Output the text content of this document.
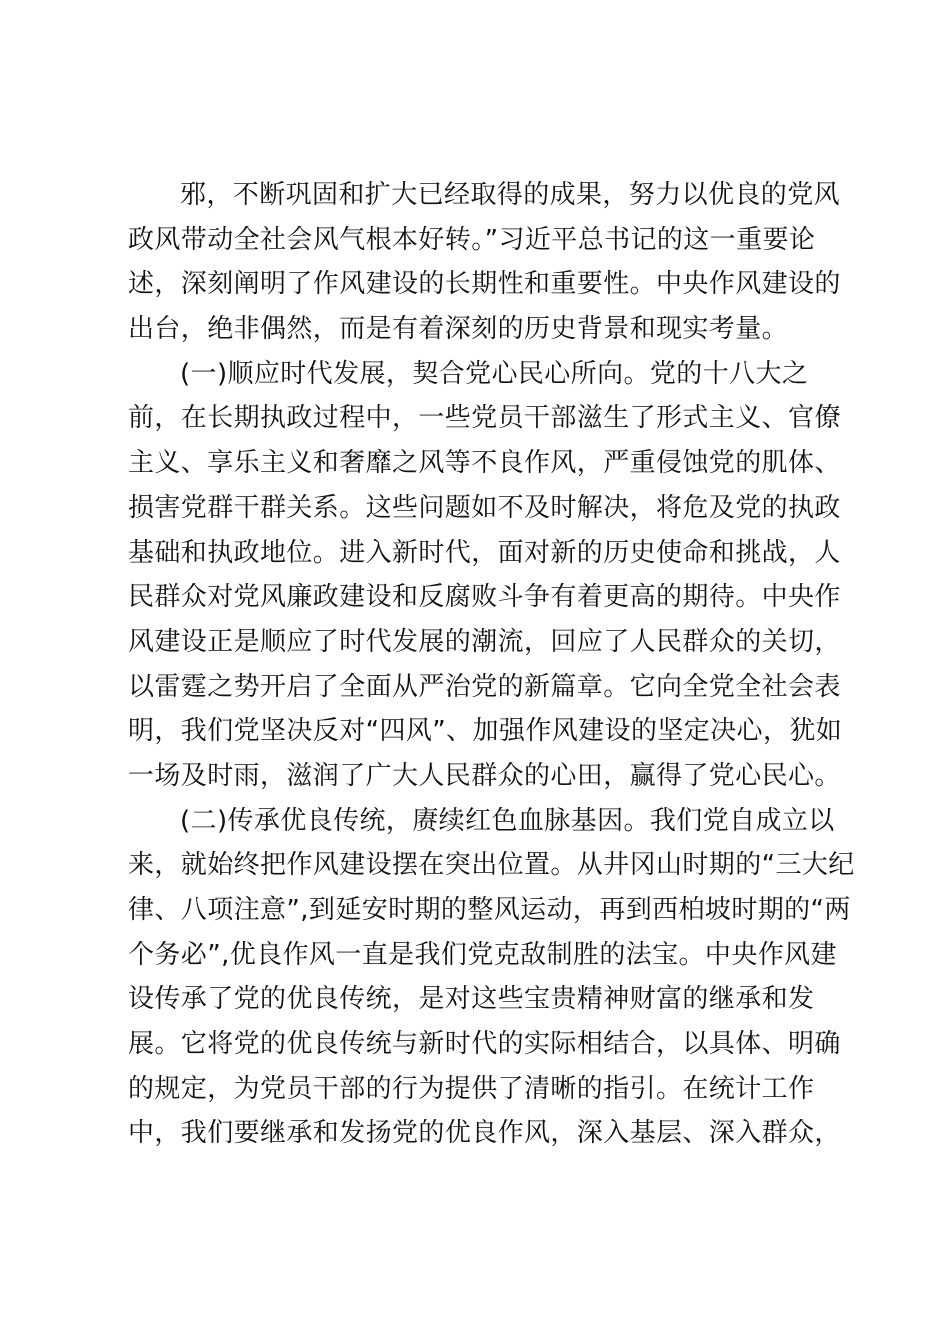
邪，不断巩固和扩大已经取得的成果，努力以优良的党风
政风带动全社会风气根本好转。”习近平总书记的这一重要论
述，深刻阐明了作风建设的长期性和重要性。中央作风建设的
出台，绝非偶然，而是有着深刻的历史背景和现实考量。
(一)顺应时代发展，契合党心民心所向。党的十八大之
前，在长期执政过程中，一些党员干部滋生了形式主义、官僚
主义、享乐主义和奢靡之风等不良作风，严重侵蚀党的肌体、
损害党群干群关系。这些问题如不及时解决，将危及党的执政
基础和执政地位。进入新时代，面对新的历史使命和挑战，人
民群众对党风廉政建设和反腐败斗争有着更高的期待。中央作
风建设正是顺应了时代发展的潮流，回应了人民群众的关切，
以雷霆之势开启了全面从严治党的新篇章。它向全党全社会表
明，我们党坚决反对“四风”、加强作风建设的坚定决心，犹如
一场及时雨，滋润了广大人民群众的心田，赢得了党心民心。
(二)传承优良传统，赓续红色血脉基因。我们党自成立以
来，就始终把作风建设摆在突出位置。从井冈山时期的“三大纪
律、八项注意”,到延安时期的整风运动，再到西柏坡时期的“两
个务必”,优良作风一直是我们党克敌制胜的法宝。中央作风建
设传承了党的优良传统，是对这些宝贵精神财富的继承和发
展。它将党的优良传统与新时代的实际相结合，以具体、明确
的规定，为党员干部的行为提供了清晰的指引。在统计工作
中，我们要继承和发扬党的优良作风，深入基层、深入群众，
